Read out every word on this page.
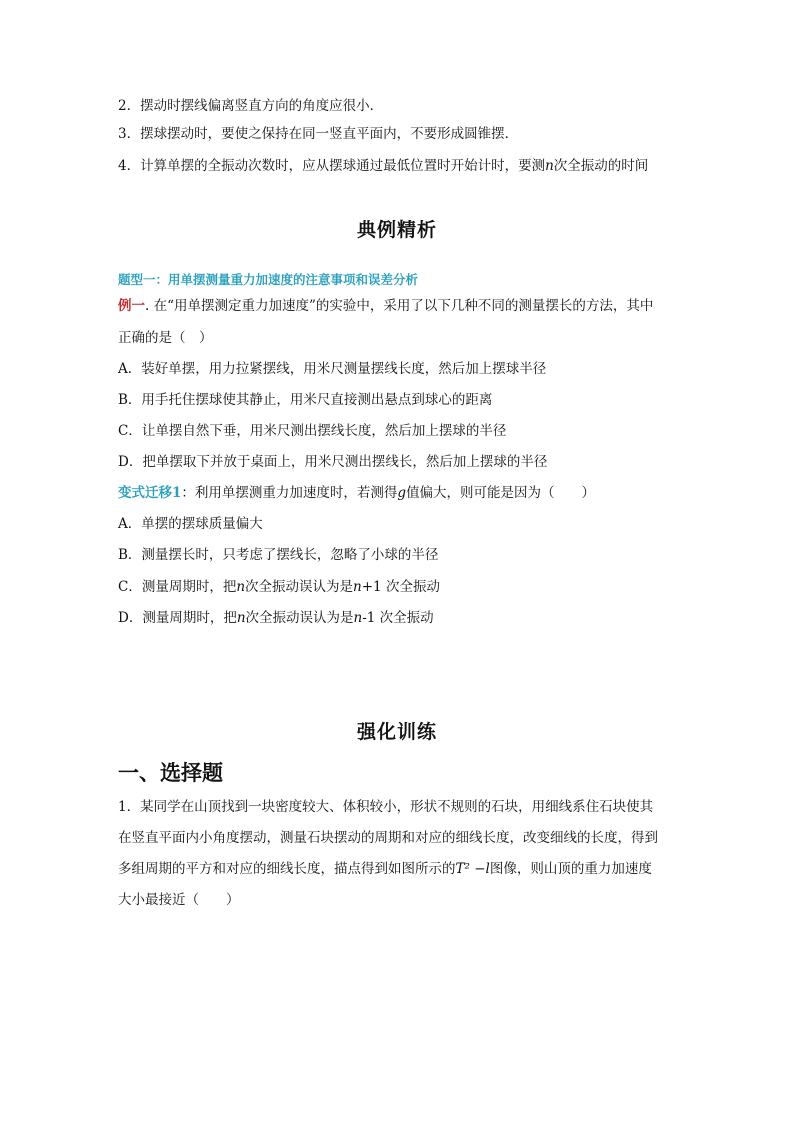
2．摆动时摆线偏离竖直方向的角度应很小．
3．摆球摆动时，要使之保持在同一竖直平面内，不要形成圆锥摆．
4．计算单摆的全振动次数时，应从摆球通过最低位置时开始计时，要测n次全振动的时间
典例精析
题型一：用单摆测量重力加速度的注意事项和误差分析
例一. 在“用单摆测定重力加速度”的实验中，采用了以下几种不同的测量摆长的方法，其中
正确的是（　）
A．装好单摆，用力拉紧摆线，用米尺测量摆线长度，然后加上摆球半径
B．用手托住摆球使其静止，用米尺直接测出悬点到球心的距离
C．让单摆自然下垂，用米尺测出摆线长度，然后加上摆球的半径
D．把单摆取下并放于桌面上，用米尺测出摆线长，然后加上摆球的半径
变式迁移1：利用单摆测重力加速度时，若测得g值偏大，则可能是因为（　　）
A．单摆的摆球质量偏大
B．测量摆长时，只考虑了摆线长，忽略了小球的半径
C．测量周期时，把n次全振动误认为是n+1 次全振动
D．测量周期时，把n次全振动误认为是n-1 次全振动
强化训练
一、选择题
1．某同学在山顶找到一块密度较大、体积较小，形状不规则的石块，用细线系住石块使其
在竖直平面内小角度摆动，测量石块摆动的周期和对应的细线长度，改变细线的长度，得到
多组周期的平方和对应的细线长度，描点得到如图所示的T² −l图像，则山顶的重力加速度
大小最接近（　　）
